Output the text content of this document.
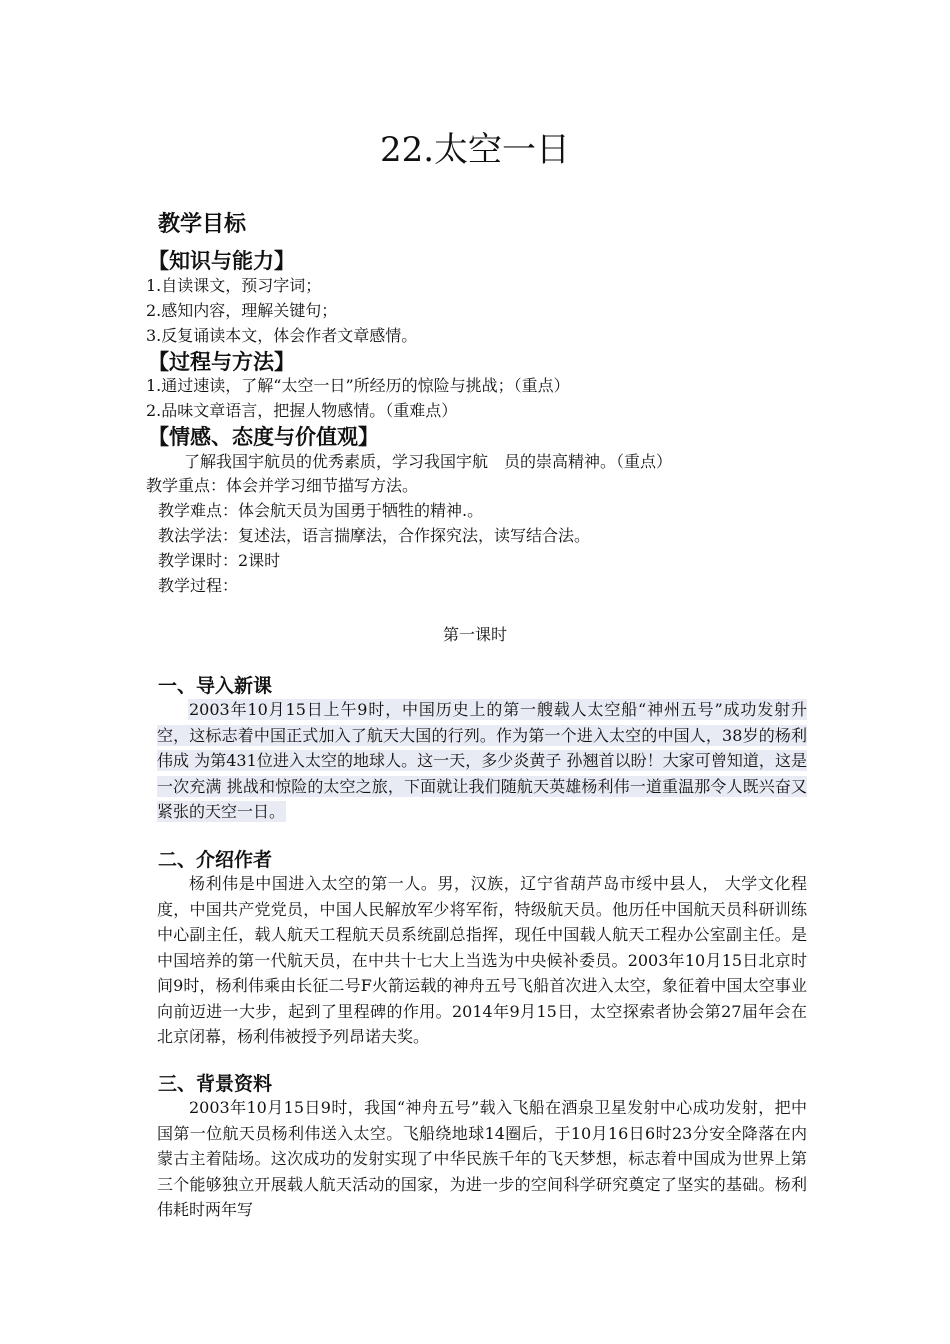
22.太空一日
教学目标
【知识与能力】

1.自读课文，预习字词；

2.感知内容，理解关键句；

3.反复诵读本文，体会作者文章感情。

【过程与方法】

1.通过速读，了解“太空一日”所经历的惊险与挑战；（重点）

2.品味文章语言，把握人物感情。（重难点）

【情感、态度与价值观】

了解我国宇航员的优秀素质，学习我国宇航　员的崇高精神。（重点）

教学重点：体会并学习细节描写方法。

教学难点：体会航天员为国勇于牺牲的精神.。

教法学法：复述法，语言揣摩法，合作探究法，读写结合法。

教学课时：2课时

教学过程：

第一课时

一、导入新课

2003年10月15日上午9时，中国历史上的第一艘载人太空船“神州五号”成功发射升空，这标志着中国正式加入了航天大国的行列。作为第一个进入太空的中国人，38岁的杨利伟成 为第431位进入太空的地球人。这一天，多少炎黄子 孙翘首以盼！大家可曾知道，这是一次充满 挑战和惊险的太空之旅，下面就让我们随航天英雄杨利伟一道重温那令人既兴奋又紧张的天空一日。

二、介绍作者

杨利伟是中国进入太空的第一人。男，汉族，辽宁省葫芦岛市绥中县人， 大学文化程度，中国共产党党员，中国人民解放军少将军衔，特级航天员。他历任中国航天员科研训练中心副主任，载人航天工程航天员系统副总指挥，现任中国载人航天工程办公室副主任。是中国培养的第一代航天员，在中共十七大上当选为中央候补委员。2003年10月15日北京时间9时，杨利伟乘由长征二号F火箭运载的神舟五号飞船首次进入太空，象征着中国太空事业向前迈进一大步，起到了里程碑的作用。2014年9月15日，太空探索者协会第27届年会在北京闭幕，杨利伟被授予列昂诺夫奖。

三、背景资料

2003年10月15日9时，我国“神舟五号”载入飞船在酒泉卫星发射中心成功发射，把中国第一位航天员杨利伟送入太空。飞船绕地球14圈后，于10月16日6时23分安全降落在内蒙古主着陆场。这次成功的发射实现了中华民族千年的飞天梦想，标志着中国成为世界上第三个能够独立开展载人航天活动的国家，为进一步的空间科学研究奠定了坚实的基础。杨利伟耗时两年写
